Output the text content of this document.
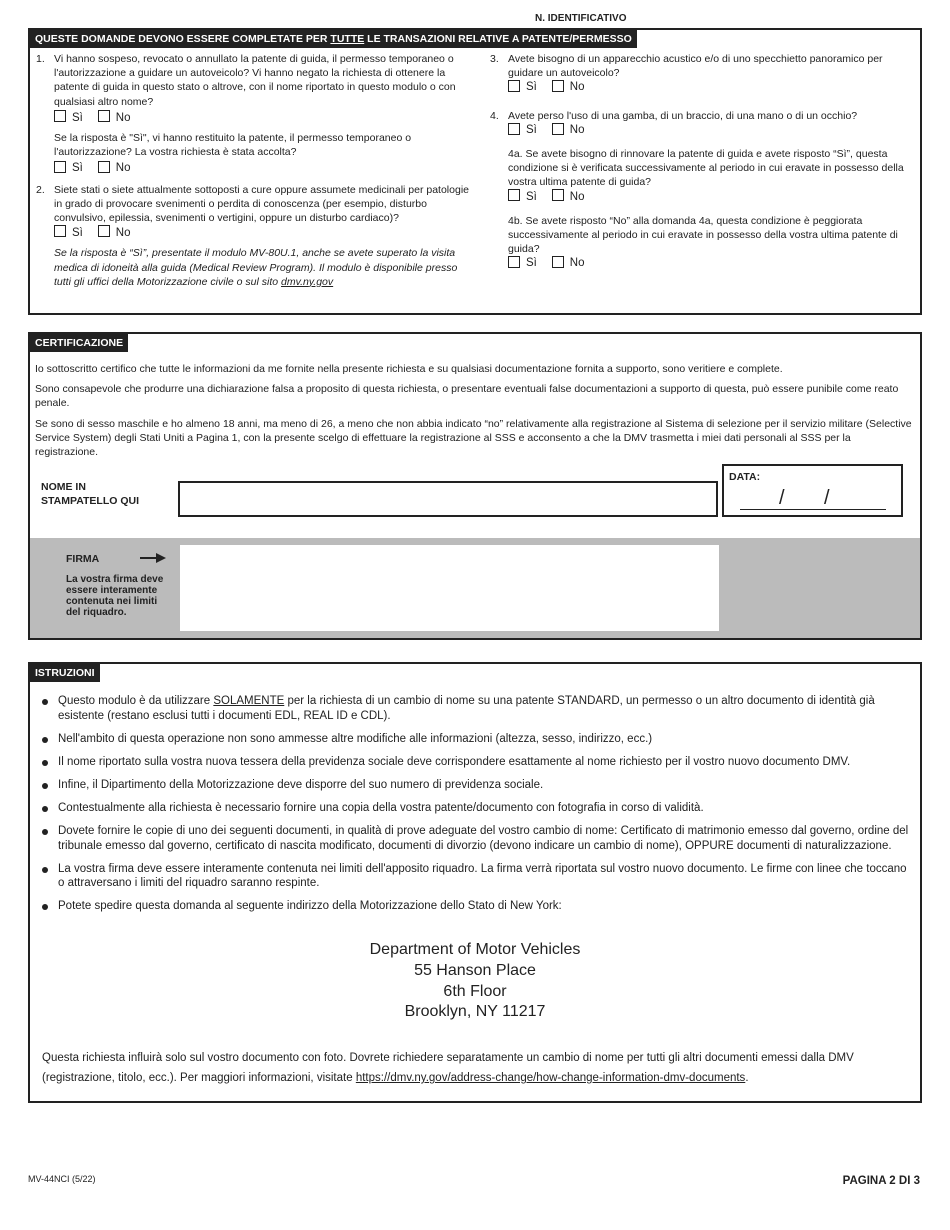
N. IDENTIFICATIVO
QUESTE DOMANDE DEVONO ESSERE COMPLETATE PER TUTTE LE TRANSAZIONI RELATIVE A PATENTE/PERMESSO
1. Vi hanno sospeso, revocato o annullato la patente di guida, il permesso temporaneo o l'autorizzazione a guidare un autoveicolo? Vi hanno negato la richiesta di ottenere la patente di guida in questo stato o altrove, con il nome riportato in questo modulo o con qualsiasi altro nome?
Sì
	No
Se la risposta è "Sì", vi hanno restituito la patente, il permesso temporaneo o l'autorizzazione? La vostra richiesta è stata accolta?
Sì
	No
2. Siete stati o siete attualmente sottoposti a cure oppure assumete medicinali per patologie in grado di provocare svenimenti o perdita di conoscenza (per esempio, disturbo convulsivo, epilessia, svenimenti o vertigini, oppure un disturbo cardiaco)?
Sì
	No
Se la risposta è “Sì”, presentate il modulo MV-80U.1, anche se avete superato la visita medica di idoneità alla guida (Medical Review Program). Il modulo è disponibile presso tutti gli uffici della Motorizzazione civile o sul sito dmv.ny.gov
3. Avete bisogno di un apparecchio acustico e/o di uno specchietto panoramico per guidare un autoveicolo?
Sì
	No
4. Avete perso l'uso di una gamba, di un braccio, di una mano o di un occhio?
Sì
	No
4a. Se avete bisogno di rinnovare la patente di guida e avete risposto “Sì”, questa condizione si è verificata successivamente al periodo in cui eravate in possesso della vostra ultima patente di guida?
Sì
	No
4b. Se avete risposto “No” alla domanda 4a, questa condizione è peggiorata successivamente al periodo in cui eravate in possesso della vostra ultima patente di guida?
Sì
	No
CERTIFICAZIONE

Io sottoscritto certifico che tutte le informazioni da me fornite nella presente richiesta e su qualsiasi documentazione fornita a supporto, sono veritiere e complete.

Sono consapevole che produrre una dichiarazione falsa a proposito di questa richiesta, o presentare eventuali false documentazioni a supporto di questa, può essere punibile come reato penale.

Se sono di sesso maschile e ho almeno 18 anni, ma meno di 26, a meno che non abbia indicato “no” relativamente alla registrazione al Sistema di selezione per il servizio militare (Selective Service System) degli Stati Uniti a Pagina 1, con la presente scelgo di effettuare la registrazione al SSS e acconsento a che la DMV trasmetta i miei dati personali al SSS per la registrazione.

NOME IN
STAMPATELLO QUI
DATA:
/ /
FIRMA
La vostra firma deve essere interamente contenuta nei limiti del riquadro.
ISTRUZIONI
Questo modulo è da utilizzare SOLAMENTE per la richiesta di un cambio di nome su una patente STANDARD, un permesso o un altro documento di identità già esistente (restano esclusi tutti i documenti EDL, REAL ID e CDL).
Nell'ambito di questa operazione non sono ammesse altre modifiche alle informazioni (altezza, sesso, indirizzo, ecc.)
Il nome riportato sulla vostra nuova tessera della previdenza sociale deve corrispondere esattamente al nome richiesto per il vostro nuovo documento DMV.
Infine, il Dipartimento della Motorizzazione deve disporre del suo numero di previdenza sociale.
Contestualmente alla richiesta è necessario fornire una copia della vostra patente/documento con fotografia in corso di validità.
Dovete fornire le copie di uno dei seguenti documenti, in qualità di prove adeguate del vostro cambio di nome: Certificato di matrimonio emesso dal governo, ordine del tribunale emesso dal governo, certificato di nascita modificato, documenti di divorzio (devono indicare un cambio di nome), OPPURE documenti di naturalizzazione.
La vostra firma deve essere interamente contenuta nei limiti dell'apposito riquadro. La firma verrà riportata sul vostro nuovo documento. Le firme con linee che toccano o attraversano i limiti del riquadro saranno respinte.
Potete spedire questa domanda al seguente indirizzo della Motorizzazione dello Stato di New York:
Department of Motor Vehicles
55 Hanson Place
6th Floor
Brooklyn, NY 11217
Questa richiesta influirà solo sul vostro documento con foto. Dovrete richiedere separatamente un cambio di nome per tutti gli altri documenti emessi dalla DMV (registrazione, titolo, ecc.). Per maggiori informazioni, visitate https://dmv.ny.gov/address-change/how-change-information-dmv-documents.
MV-44NCI (5/22)	PAGINA 2 DI 3
